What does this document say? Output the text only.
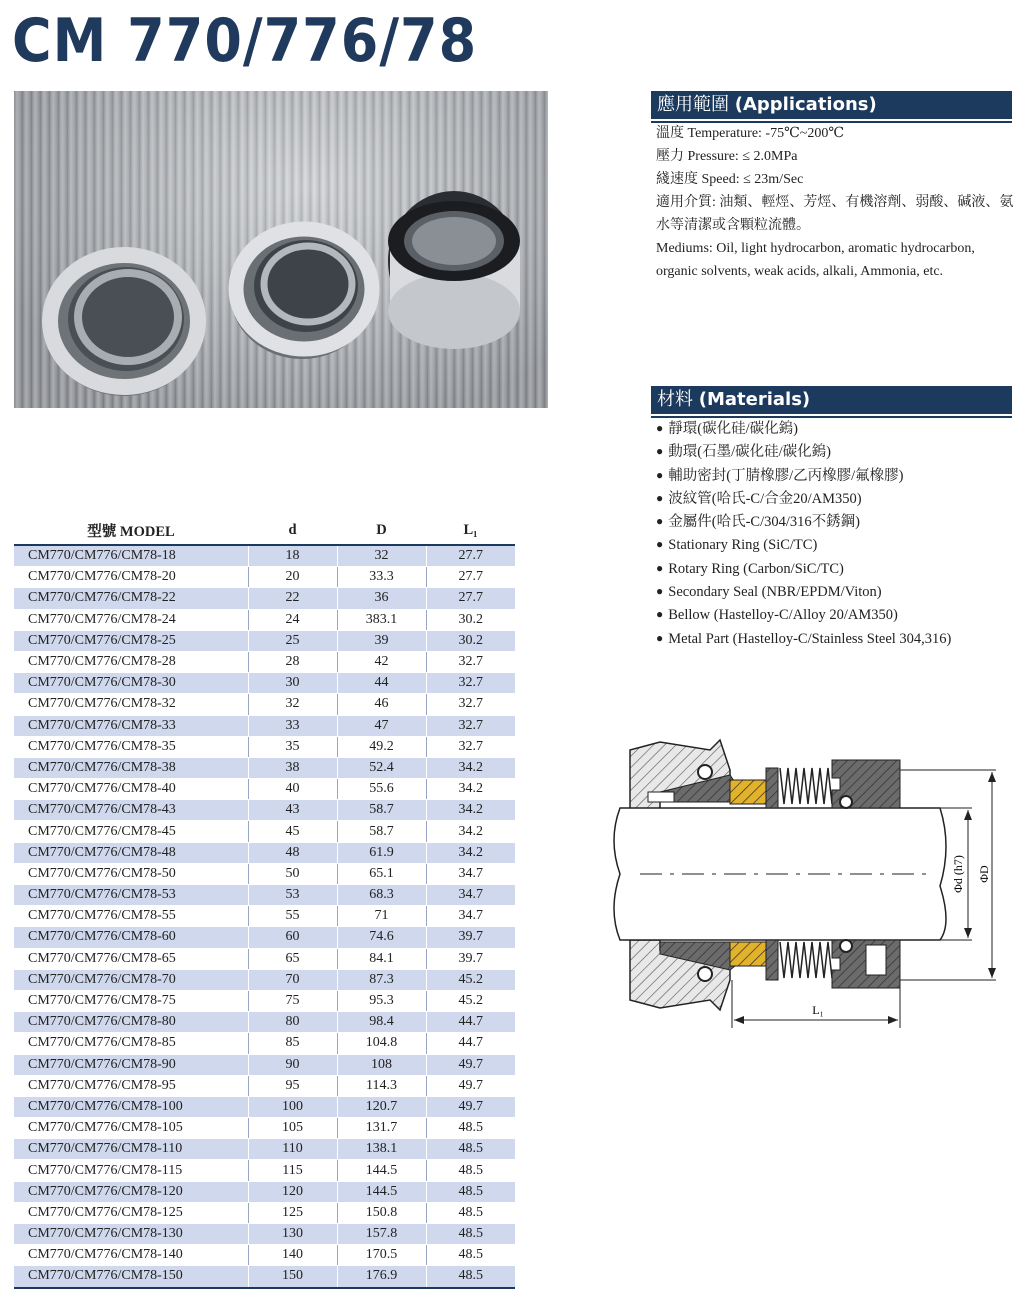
CM 770/776/78
應用範圍 (Applications)
溫度 Temperature: -75℃~200℃
壓力 Pressure: ≤ 2.0MPa
綫速度 Speed: ≤ 23m/Sec
適用介質: 油類、輕烴、芳烴、有機溶劑、弱酸、碱液、氨水等清潔或含顆粒流體。
Mediums: Oil, light hydrocarbon, aromatic hydrocarbon, organic solvents, weak acids, alkali, Ammonia, etc.
材料 (Materials)
● 靜環(碳化硅/碳化鎢)
● 動環(石墨/碳化硅/碳化鎢)
● 輔助密封(丁腈橡膠/乙丙橡膠/氟橡膠)
● 波紋管(哈氏-C/合金20/AM350)
● 金屬件(哈氏-C/304/316不銹鋼)
● Stationary Ring (SiC/TC)
● Rotary Ring (Carbon/SiC/TC)
● Secondary Seal (NBR/EPDM/Viton)
● Bellow (Hastelloy-C/Alloy 20/AM350)
● Metal Part (Hastelloy-C/Stainless Steel 304,316)
型號 MODEL	d	D	L₁
CM770/CM776/CM78-18	18	32	27.7
CM770/CM776/CM78-20	20	33.3	27.7
CM770/CM776/CM78-22	22	36	27.7
CM770/CM776/CM78-24	24	383.1	30.2
CM770/CM776/CM78-25	25	39	30.2
CM770/CM776/CM78-28	28	42	32.7
CM770/CM776/CM78-30	30	44	32.7
CM770/CM776/CM78-32	32	46	32.7
CM770/CM776/CM78-33	33	47	32.7
CM770/CM776/CM78-35	35	49.2	32.7
CM770/CM776/CM78-38	38	52.4	34.2
CM770/CM776/CM78-40	40	55.6	34.2
CM770/CM776/CM78-43	43	58.7	34.2
CM770/CM776/CM78-45	45	58.7	34.2
CM770/CM776/CM78-48	48	61.9	34.2
CM770/CM776/CM78-50	50	65.1	34.7
CM770/CM776/CM78-53	53	68.3	34.7
CM770/CM776/CM78-55	55	71	34.7
CM770/CM776/CM78-60	60	74.6	39.7
CM770/CM776/CM78-65	65	84.1	39.7
CM770/CM776/CM78-70	70	87.3	45.2
CM770/CM776/CM78-75	75	95.3	45.2
CM770/CM776/CM78-80	80	98.4	44.7
CM770/CM776/CM78-85	85	104.8	44.7
CM770/CM776/CM78-90	90	108	49.7
CM770/CM776/CM78-95	95	114.3	49.7
CM770/CM776/CM78-100	100	120.7	49.7
CM770/CM776/CM78-105	105	131.7	48.5
CM770/CM776/CM78-110	110	138.1	48.5
CM770/CM776/CM78-115	115	144.5	48.5
CM770/CM776/CM78-120	120	144.5	48.5
CM770/CM776/CM78-125	125	150.8	48.5
CM770/CM776/CM78-130	130	157.8	48.5
CM770/CM776/CM78-140	140	170.5	48.5
CM770/CM776/CM78-150	150	176.9	48.5
Φd (h7) ΦD
L₁
